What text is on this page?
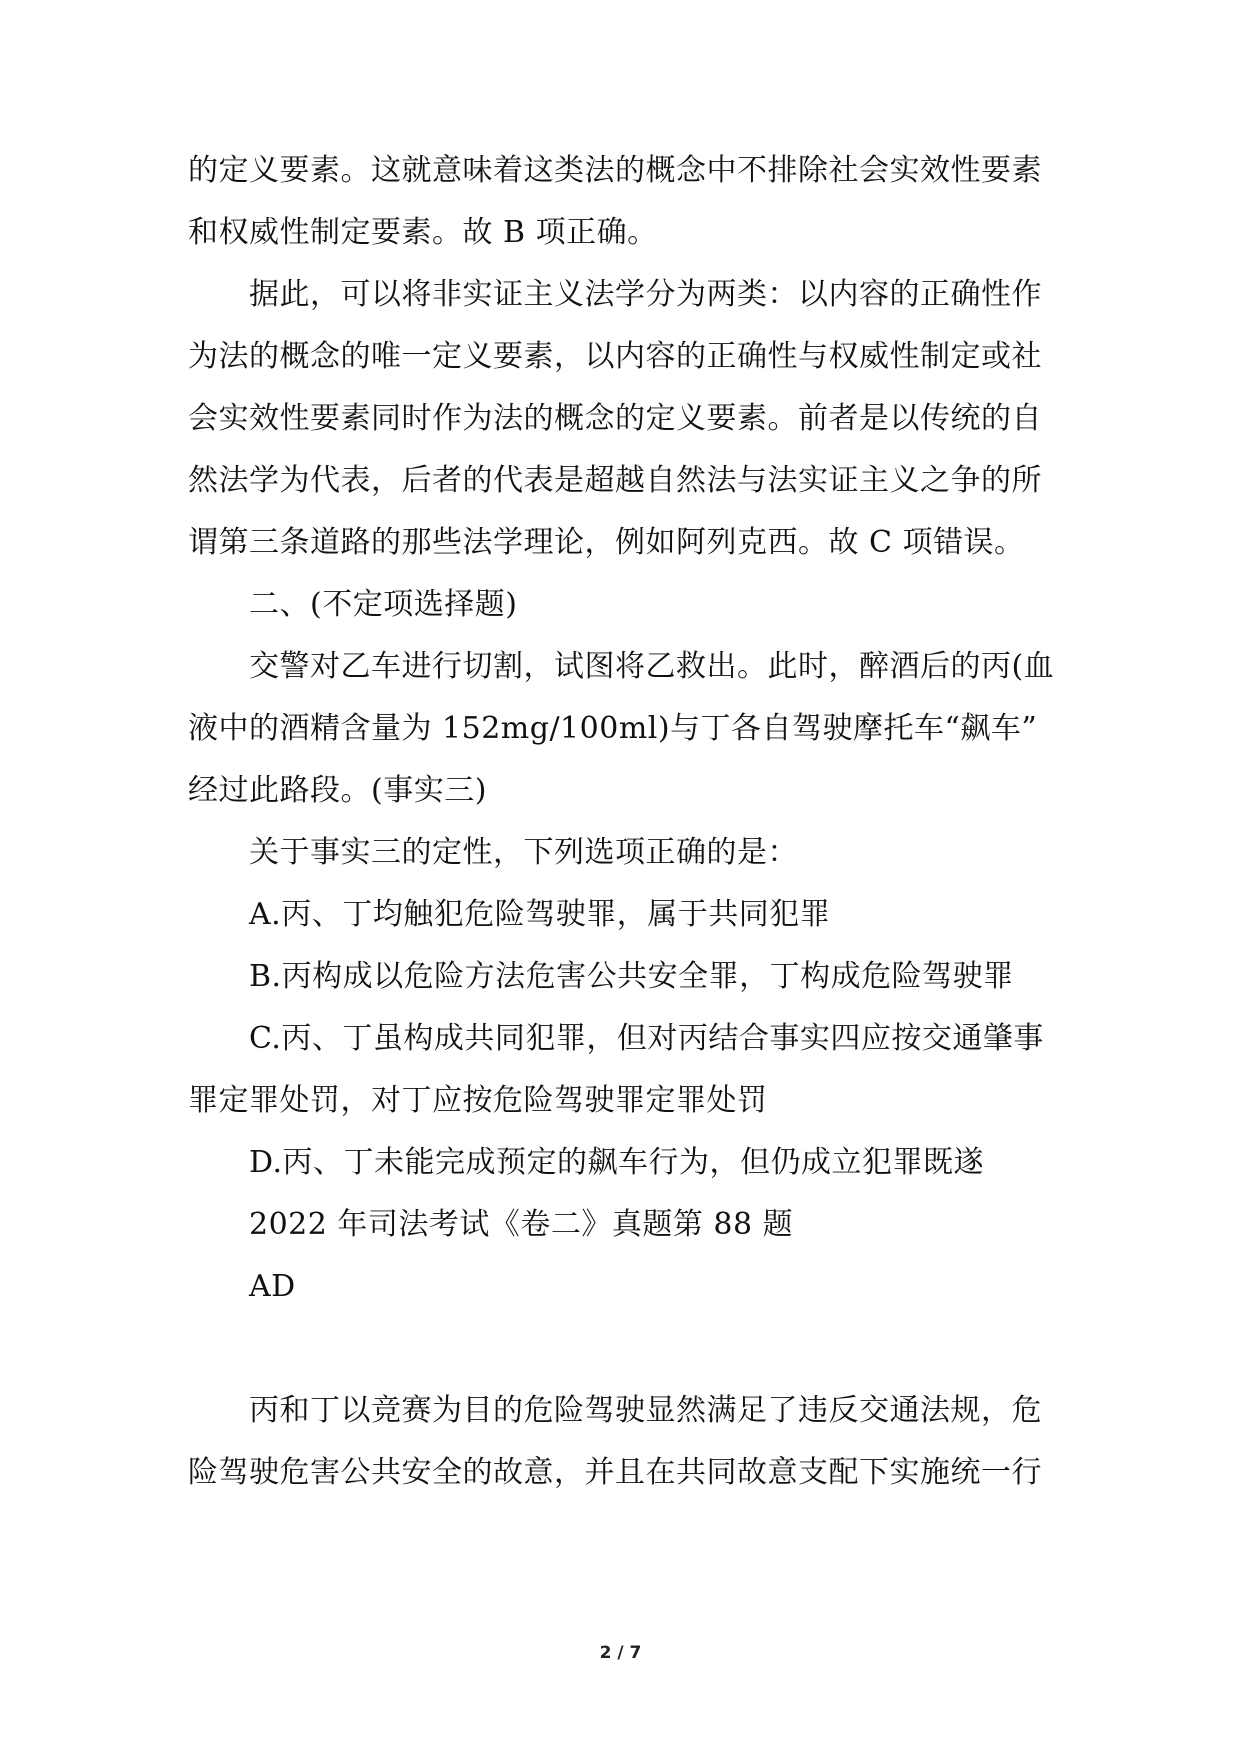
的定义要素。这就意味着这类法的概念中不排除社会实效性要素
和权威性制定要素。故 B 项正确。
据此，可以将非实证主义法学分为两类：以内容的正确性作
为法的概念的唯一定义要素，以内容的正确性与权威性制定或社
会实效性要素同时作为法的概念的定义要素。前者是以传统的自
然法学为代表，后者的代表是超越自然法与法实证主义之争的所
谓第三条道路的那些法学理论，例如阿列克西。故 C 项错误。
二、(不定项选择题)
交警对乙车进行切割，试图将乙救出。此时，醉酒后的丙(血
液中的酒精含量为 152mg/100ml)与丁各自驾驶摩托车“飙车”
经过此路段。(事实三)
关于事实三的定性，下列选项正确的是：
A.丙、丁均触犯危险驾驶罪，属于共同犯罪
B.丙构成以危险方法危害公共安全罪，丁构成危险驾驶罪
C.丙、丁虽构成共同犯罪，但对丙结合事实四应按交通肇事
罪定罪处罚，对丁应按危险驾驶罪定罪处罚
D.丙、丁未能完成预定的飙车行为，但仍成立犯罪既遂
2022 年司法考试《卷二》真题第 88 题
AD
丙和丁以竞赛为目的危险驾驶显然满足了违反交通法规，危
险驾驶危害公共安全的故意，并且在共同故意支配下实施统一行
2 / 7
